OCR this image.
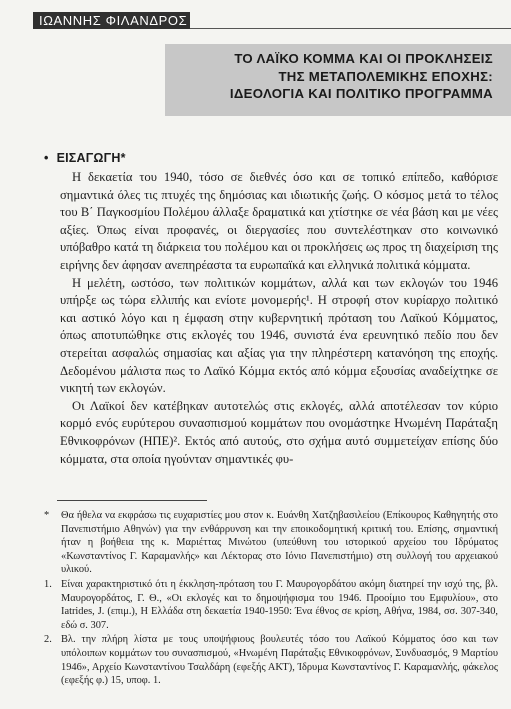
ΙΩΑΝΝΗΣ ΦΙΛΑΝΔΡΟΣ
ΤΟ ΛΑΪΚΟ ΚΟΜΜΑ ΚΑΙ ΟΙ ΠΡΟΚΛΗΣΕΙΣ
ΤΗΣ ΜΕΤΑΠΟΛΕΜΙΚΗΣ ΕΠΟΧΗΣ:
ΙΔΕΟΛΟΓΙΑ ΚΑΙ ΠΟΛΙΤΙΚΟ ΠΡΟΓΡΑΜΜΑ
• ΕΙΣΑΓΩΓΗ*

Η δεκαετία του 1940, τόσο σε διεθνές όσο και σε τοπικό επίπεδο, καθόρισε σημαντικά όλες τις πτυχές της δημόσιας και ιδιωτικής ζωής. Ο κόσμος μετά το τέλος του Β΄ Παγκοσμίου Πολέμου άλλαξε δραματικά και χτίστηκε σε νέα βάση και με νέες αξίες. Όπως είναι προφανές, οι διεργασίες που συντελέστηκαν στο κοινωνικό υπόβαθρο κατά τη διάρκεια του πολέμου και οι προκλήσεις ως προς τη διαχείριση της ειρήνης δεν άφησαν ανεπηρέαστα τα ευρωπαϊκά και ελληνικά πολιτικά κόμματα.

Η μελέτη, ωστόσο, των πολιτικών κομμάτων, αλλά και των εκλογών του 1946 υπήρξε ως τώρα ελλιπής και ενίοτε μονομερής¹. Η στροφή στον κυρίαρχο πολιτικό και αστικό λόγο και η έμφαση στην κυβερνητική πρόταση του Λαϊκού Κόμματος, όπως αποτυπώθηκε στις εκλογές του 1946, συνιστά ένα ερευνητικό πεδίο που δεν στερείται ασφαλώς σημασίας και αξίας για την πληρέστερη κατανόηση της εποχής. Δεδομένου μάλιστα πως το Λαϊκό Κόμμα εκτός από κόμμα εξουσίας αναδείχτηκε σε νικητή των εκλογών.

Οι Λαϊκοί δεν κατέβηκαν αυτοτελώς στις εκλογές, αλλά αποτέλεσαν τον κύριο κορμό ενός ευρύτερου συνασπισμού κομμάτων που ονομάστηκε Ηνωμένη Παράταξη Εθνικοφρόνων (ΗΠΕ)². Εκτός από αυτούς, στο σχήμα αυτό συμμετείχαν επίσης δύο κόμματα, στα οποία ηγούνταν σημαντικές φυ-

* Θα ήθελα να εκφράσω τις ευχαριστίες μου στον κ. Ευάνθη Χατζηβασιλείου (Επίκουρος Καθηγητής στο Πανεπιστήμιο Αθηνών) για την ενθάρρυνση και την εποικοδομητική κριτική του. Επίσης, σημαντική ήταν η βοήθεια της κ. Μαριέττας Μινώτου (υπεύθυνη του ιστορικού αρχείου του Ιδρύματος «Κωνσταντίνος Γ. Καραμανλής» και Λέκτορας στο Ιόνιο Πανεπιστήμιο) στη συλλογή του αρχειακού υλικού.
1. Είναι χαρακτηριστικό ότι η έκκληση-πρόταση του Γ. Μαυρογορδάτου ακόμη διατηρεί την ισχύ της, βλ. Μαυρογορδάτος, Γ. Θ., «Οι εκλογές και το δημοψήφισμα του 1946. Προοίμιο του Εμφυλίου», στο Iatrides, J. (επιμ.), Η Ελλάδα στη δεκαετία 1940-1950: Ένα έθνος σε κρίση, Αθήνα, 1984, σσ. 307-340, εδώ σ. 307.
2. Βλ. την πλήρη λίστα με τους υποψήφιους βουλευτές τόσο του Λαϊκού Κόμματος όσο και των υπόλοιπων κομμάτων του συνασπισμού, «Ηνωμένη Παράταξις Εθνικοφρόνων, Συνδυασμός, 9 Μαρτίου 1946», Αρχείο Κωνσταντίνου Τσαλδάρη (εφεξής ΑΚΤ), Ίδρυμα Κωνσταντίνος Γ. Καραμανλής, φάκελος (εφεξής φ.) 15, υποφ. 1.
